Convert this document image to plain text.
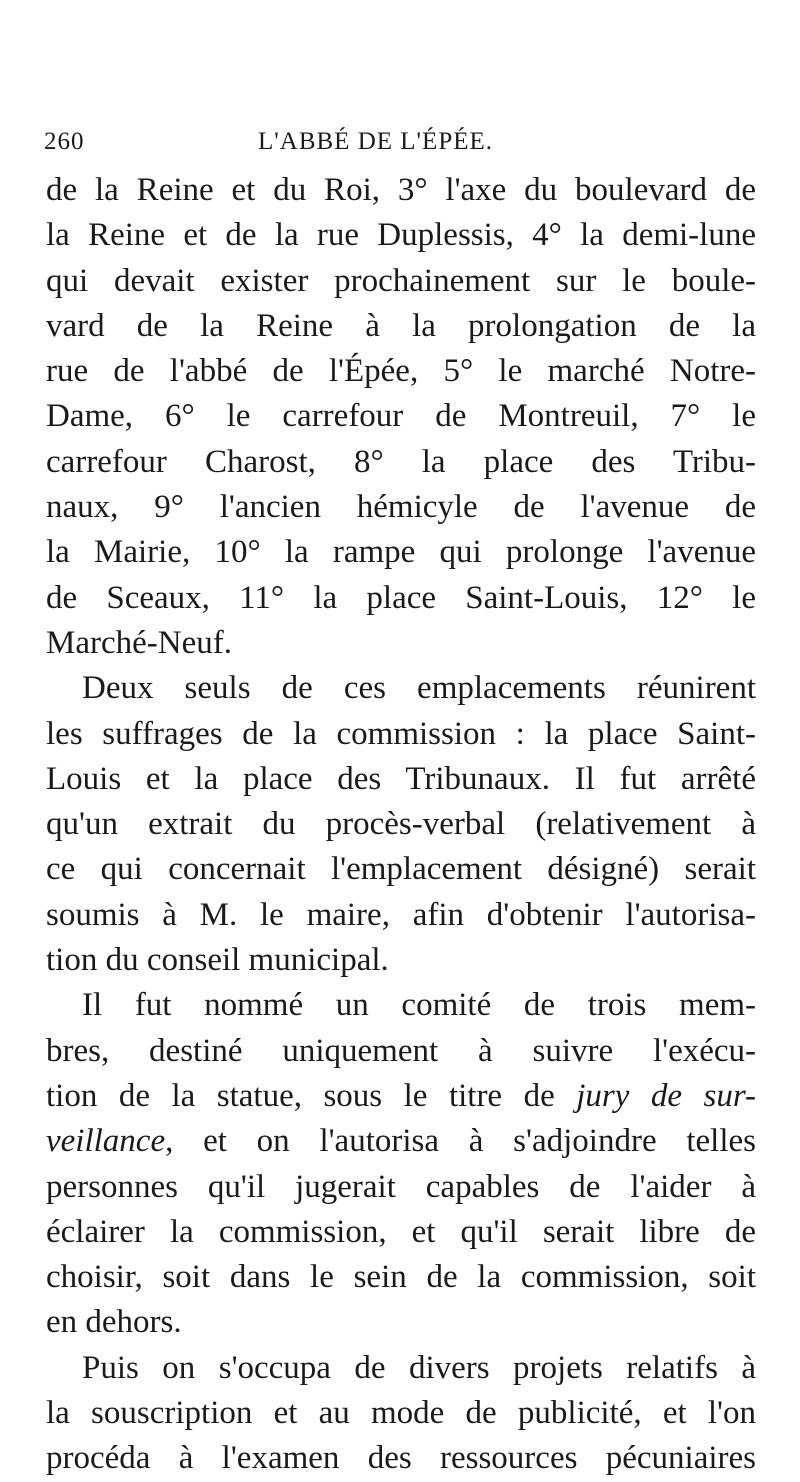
260	L'ABBÉ DE L'ÉPÉE.
de la Reine et du Roi, 3° l'axe du boulevard de
la Reine et de la rue Duplessis, 4° la demi-lune
qui devait exister prochainement sur le boule-
vard de la Reine à la prolongation de la
rue de l'abbé de l'Épée, 5° le marché Notre-
Dame, 6° le carrefour de Montreuil, 7° le
carrefour Charost, 8° la place des Tribu-
naux, 9° l'ancien hémicyle de l'avenue de
la Mairie, 10° la rampe qui prolonge l'avenue
de Sceaux, 11° la place Saint-Louis, 12° le
Marché-Neuf.
Deux seuls de ces emplacements réunirent
les suffrages de la commission : la place Saint-
Louis et la place des Tribunaux. Il fut arrêté
qu'un extrait du procès-verbal (relativement à
ce qui concernait l'emplacement désigné) serait
soumis à M. le maire, afin d'obtenir l'autorisa-
tion du conseil municipal.
Il fut nommé un comité de trois mem-
bres, destiné uniquement à suivre l'exécu-
tion de la statue, sous le titre de jury de sur-
veillance, et on l'autorisa à s'adjoindre telles
personnes qu'il jugerait capables de l'aider à
éclairer la commission, et qu'il serait libre de
choisir, soit dans le sein de la commission, soit
en dehors.
Puis on s'occupa de divers projets relatifs à
la souscription et au mode de publicité, et l'on
procéda à l'examen des ressources pécuniaires
